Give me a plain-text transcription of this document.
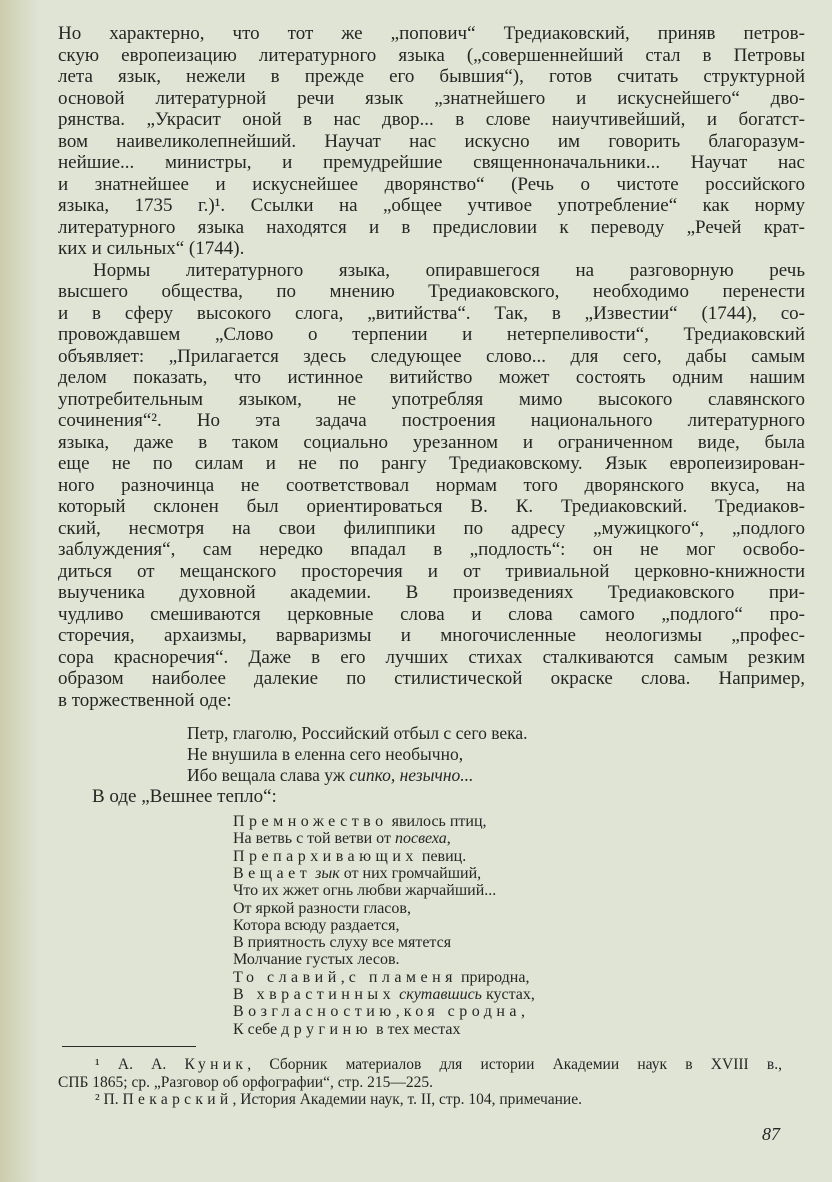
Но характерно, что тот же „попович“ Тредиаковский, приняв петров-
скую европеизацию литературного языка („совершеннейший стал в Петровы
лета язык, нежели в прежде его бывшия“), готов считать структурной
основой литературной речи язык „знатнейшего и искуснейшего“ дво-
рянства. „Украсит оной в нас двор... в слове наиучтивейший, и богатст-
вом наивеликолепнейший. Научат нас искусно им говорить благоразум-
нейшие... министры, и премудрейшие священноначальники... Научат нас
и знатнейшее и искуснейшее дворянство“ (Речь о чистоте российского
языка, 1735 г.)¹. Ссылки на „общее учтивое употребление“ как норму
литературного языка находятся и в предисловии к переводу „Речей крат-
ких и сильных“ (1744).
Нормы литературного языка, опиравшегося на разговорную речь
высшего общества, по мнению Тредиаковского, необходимо перенести
и в сферу высокого слога, „витийства“. Так, в „Известии“ (1744), со-
провождавшем „Слово о терпении и нетерпеливости“, Тредиаковский
объявляет: „Прилагается здесь следующее слово... для сего, дабы самым
делом показать, что истинное витийство может состоять одним нашим
употребительным языком, не употребляя мимо высокого славянского
сочинения“². Но эта задача построения национального литературного
языка, даже в таком социально урезанном и ограниченном виде, была
еще не по силам и не по рангу Тредиаковскому. Язык европеизирован-
ного разночинца не соответствовал нормам того дворянского вкуса, на
который склонен был ориентироваться В. К. Тредиаковский. Тредиаков-
ский, несмотря на свои филиппики по адресу „мужицкого“, „подлого
заблуждения“, сам нередко впадал в „подлость“: он не мог освобо-
диться от мещанского просторечия и от тривиальной церковно-книжности
выученика духовной академии. В произведениях Тредиаковского при-
чудливо смешиваются церковные слова и слова самого „подлого“ про-
сторечия, архаизмы, варваризмы и многочисленные неологизмы „профес-
сора красноречия“. Даже в его лучших стихах сталкиваются самым резким
образом наиболее далекие по стилистической окраске слова. Например,
в торжественной оде:
Петр, глаголю, Российский отбыл с сего века.
Не внушила в еленна сего необычно,
Ибо вещала слава уж сипко, незычно...
В оде „Вешнее тепло“:
Премножество явилось птиц,
На ветвь с той ветви от посвеха,
Препархивающих певиц.
Вещает зык от них громчайший,
Что их жжет огнь любви жарчайший...
От яркой разности гласов,
Котора всюду раздается,
В приятность слуху все мятется
Молчание густых лесов.
То славий, с пламеня природна,
В хврастинных скутавшись кустах,
Возгласностию, коя сродна,
К себе другиню в тех местах
¹ А. А. Куник, Сборник материалов для истории Академии наук в XVIII в.,
СПБ 1865; ср. „Разговор об орфографии“, стр. 215—225.
² П. Пекарский, История Академии наук, т. II, стр. 104, примечание.
87
